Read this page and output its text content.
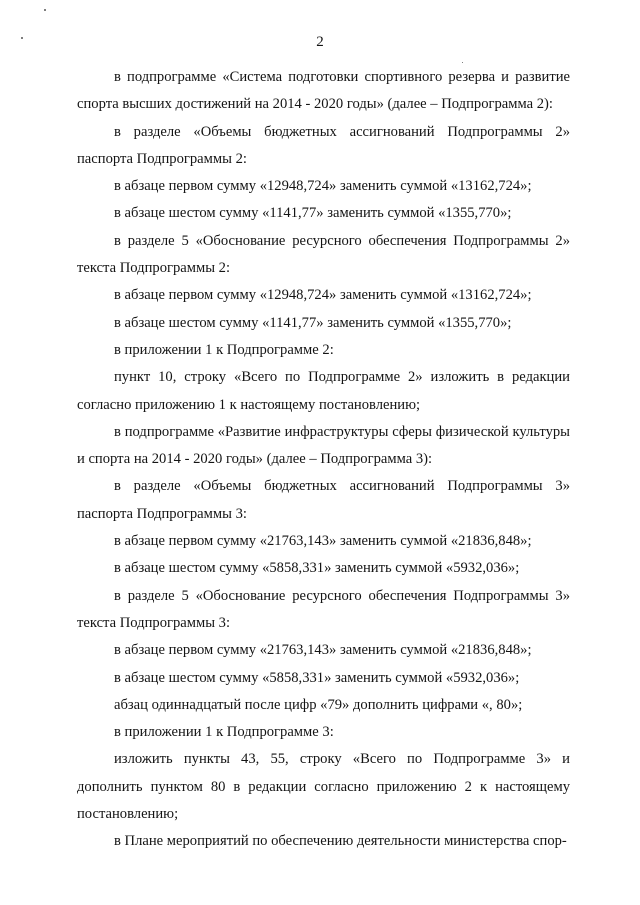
2

в подпрограмме «Система подготовки спортивного резерва и развитие спорта высших достижений на 2014 - 2020 годы» (далее – Подпрограмма 2):

в разделе «Объемы бюджетных ассигнований Подпрограммы 2» паспорта Подпрограммы 2:

в абзаце первом сумму «12948,724» заменить суммой «13162,724»;

в абзаце шестом сумму «1141,77» заменить суммой «1355,770»;

в разделе 5 «Обоснование ресурсного обеспечения Подпрограммы 2» текста Подпрограммы 2:

в абзаце первом сумму «12948,724» заменить суммой «13162,724»;

в абзаце шестом сумму «1141,77» заменить суммой «1355,770»;

в приложении 1 к Подпрограмме 2:

пункт 10, строку «Всего по Подпрограмме 2» изложить в редакции согласно приложению 1 к настоящему постановлению;

в подпрограмме «Развитие инфраструктуры сферы физической культуры и спорта на 2014 - 2020 годы» (далее – Подпрограмма 3):

в разделе «Объемы бюджетных ассигнований Подпрограммы 3» паспорта Подпрограммы 3:

в абзаце первом сумму «21763,143» заменить суммой «21836,848»;

в абзаце шестом сумму «5858,331» заменить суммой «5932,036»;

в разделе 5 «Обоснование ресурсного обеспечения Подпрограммы 3» текста Подпрограммы 3:

в абзаце первом сумму «21763,143» заменить суммой «21836,848»;

в абзаце шестом сумму «5858,331» заменить суммой «5932,036»;

абзац одиннадцатый после цифр «79» дополнить цифрами «, 80»;

в приложении 1 к Подпрограмме 3:

изложить пункты 43, 55, строку «Всего по Подпрограмме 3» и дополнить пунктом 80 в редакции согласно приложению 2 к настоящему постановлению;

в Плане мероприятий по обеспечению деятельности министерства спор-
